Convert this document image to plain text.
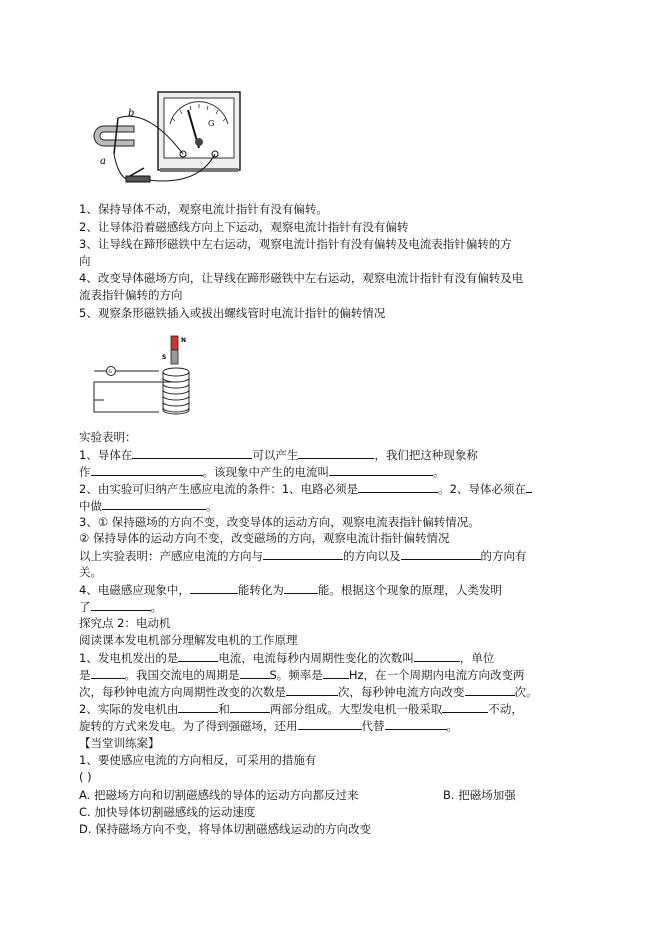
G
b
a
1、保持导体不动，观察电流计指针有没有偏转。
2、让导体沿着磁感线方向上下运动，观察电流计指针有没有偏转
3、让导线在蹄形磁铁中左右运动，观察电流计指针有没有偏转及电流表指针偏转的方
向
4、改变导体磁场方向，让导线在蹄形磁铁中左右运动，观察电流计指针有没有偏转及电
流表指针偏转的方向
5、观察条形磁铁插入或拔出螺线管时电流计指针的偏转情况
G
N
S
实验表明：
1、导体在	可以产生	，我们把这种现象称
作	。该现象中产生的电流叫	。
2、由实验可归纳产生感应电流的条件：1、电路必须是	。2、导体必须在
中做	。
3、① 保持磁场的方向不变，改变导体的运动方向，观察电流表指针偏转情况。
② 保持导体的运动方向不变，改变磁场的方向，观察电流计指针偏转情况
以上实验表明：产感应电流的方向与	的方向以及	的方向有
关。
4、电磁感应现象中，	能转化为	能。根据这个现象的原理，人类发明
了	。
探究点 2：电动机
阅读课本发电机部分理解发电机的工作原理
1、发电机发出的是	电流，电流每秒内周期性变化的次数叫	，单位
是	。我国交流电的周期是	S。频率是 Hz，在一个周期内电流方向改变两
次，每秒钟电流方向周期性改变的次数是	次，每秒钟电流方向改变	次。
2、实际的发电机由	和	两部分组成。大型发电机一般采取	不动，
旋转的方式来发电。为了得到强磁场，还用	代替	。
【当堂训练案】
1、要使感应电流的方向相反，可采用的措施有
( )
A. 把磁场方向和切割磁感线的导体的运动方向都反过来	B. 把磁场加强
C. 加快导体切割磁感线的运动速度
D. 保持磁场方向不变，将导体切割磁感线运动的方向改变
